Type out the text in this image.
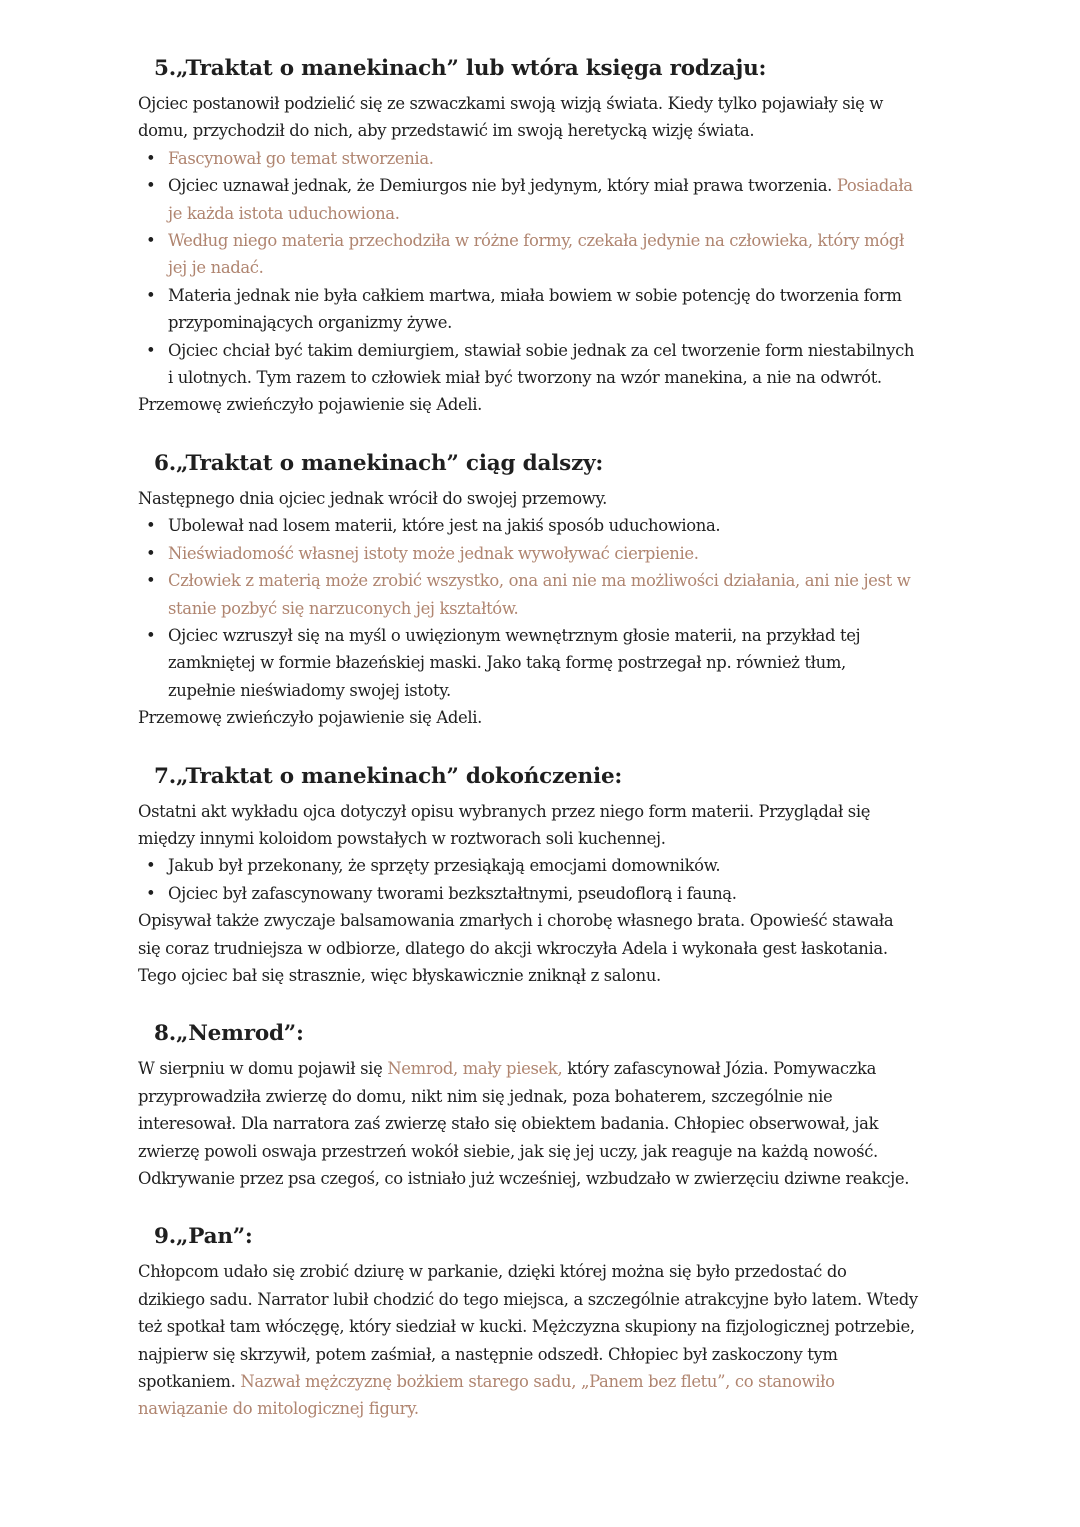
5.„Traktat o manekinach” lub wtóra księga rodzaju:

Ojciec postanowił podzielić się ze szwaczkami swoją wizją świata. Kiedy tylko pojawiały się w domu, przychodził do nich, aby przedstawić im swoją heretycką wizję świata.

• Fascynował go temat stworzenia.
• Ojciec uznawał jednak, że Demiurgos nie był jedynym, który miał prawa tworzenia. Posiadała je każda istota uduchowiona.
• Według niego materia przechodziła w różne formy, czekała jedynie na człowieka, który mógł jej je nadać.
• Materia jednak nie była całkiem martwa, miała bowiem w sobie potencję do tworzenia form przypominających organizmy żywe.
• Ojciec chciał być takim demiurgiem, stawiał sobie jednak za cel tworzenie form niestabilnych i ulotnych. Tym razem to człowiek miał być tworzony na wzór manekina, a nie na odwrót.

Przemowę zwieńczyło pojawienie się Adeli.

6.„Traktat o manekinach” ciąg dalszy:

Następnego dnia ojciec jednak wrócił do swojej przemowy.

• Ubolewał nad losem materii, które jest na jakiś sposób uduchowiona.
• Nieświadomość własnej istoty może jednak wywoływać cierpienie.
• Człowiek z materią może zrobić wszystko, ona ani nie ma możliwości działania, ani nie jest w stanie pozbyć się narzuconych jej kształtów.
• Ojciec wzruszył się na myśl o uwięzionym wewnętrznym głosie materii, na przykład tej zamkniętej w formie błazeńskiej maski. Jako taką formę postrzegał np. również tłum, zupełnie nieświadomy swojej istoty.

Przemowę zwieńczyło pojawienie się Adeli.

7.„Traktat o manekinach” dokończenie:

Ostatni akt wykładu ojca dotyczył opisu wybranych przez niego form materii. Przyglądał się między innymi koloidom powstałych w roztworach soli kuchennej.

• Jakub był przekonany, że sprzęty przesiąkają emocjami domowników.
• Ojciec był zafascynowany tworami bezkształtnymi, pseudoflorą i fauną.

Opisywał także zwyczaje balsamowania zmarłych i chorobę własnego brata. Opowieść stawała się coraz trudniejsza w odbiorze, dlatego do akcji wkroczyła Adela i wykonała gest łaskotania. Tego ojciec bał się strasznie, więc błyskawicznie zniknął z salonu.

8.„Nemrod”:

W sierpniu w domu pojawił się Nemrod, mały piesek, który zafascynował Józia. Pomywaczka przyprowadziła zwierzę do domu, nikt nim się jednak, poza bohaterem, szczególnie nie interesował. Dla narratora zaś zwierzę stało się obiektem badania. Chłopiec obserwował, jak zwierzę powoli oswaja przestrzeń wokół siebie, jak się jej uczy, jak reaguje na każdą nowość. Odkrywanie przez psa czegoś, co istniało już wcześniej, wzbudzało w zwierzęciu dziwne reakcje.

9.„Pan”:

Chłopcom udało się zrobić dziurę w parkanie, dzięki której można się było przedostać do dzikiego sadu. Narrator lubił chodzić do tego miejsca, a szczególnie atrakcyjne było latem. Wtedy też spotkał tam włóczęgę, który siedział w kucki. Mężczyzna skupiony na fizjologicznej potrzebie, najpierw się skrzywił, potem zaśmiał, a następnie odszedł. Chłopiec był zaskoczony tym spotkaniem. Nazwał mężczyznę bożkiem starego sadu, „Panem bez fletu”, co stanowiło nawiązanie do mitologicznej figury.
